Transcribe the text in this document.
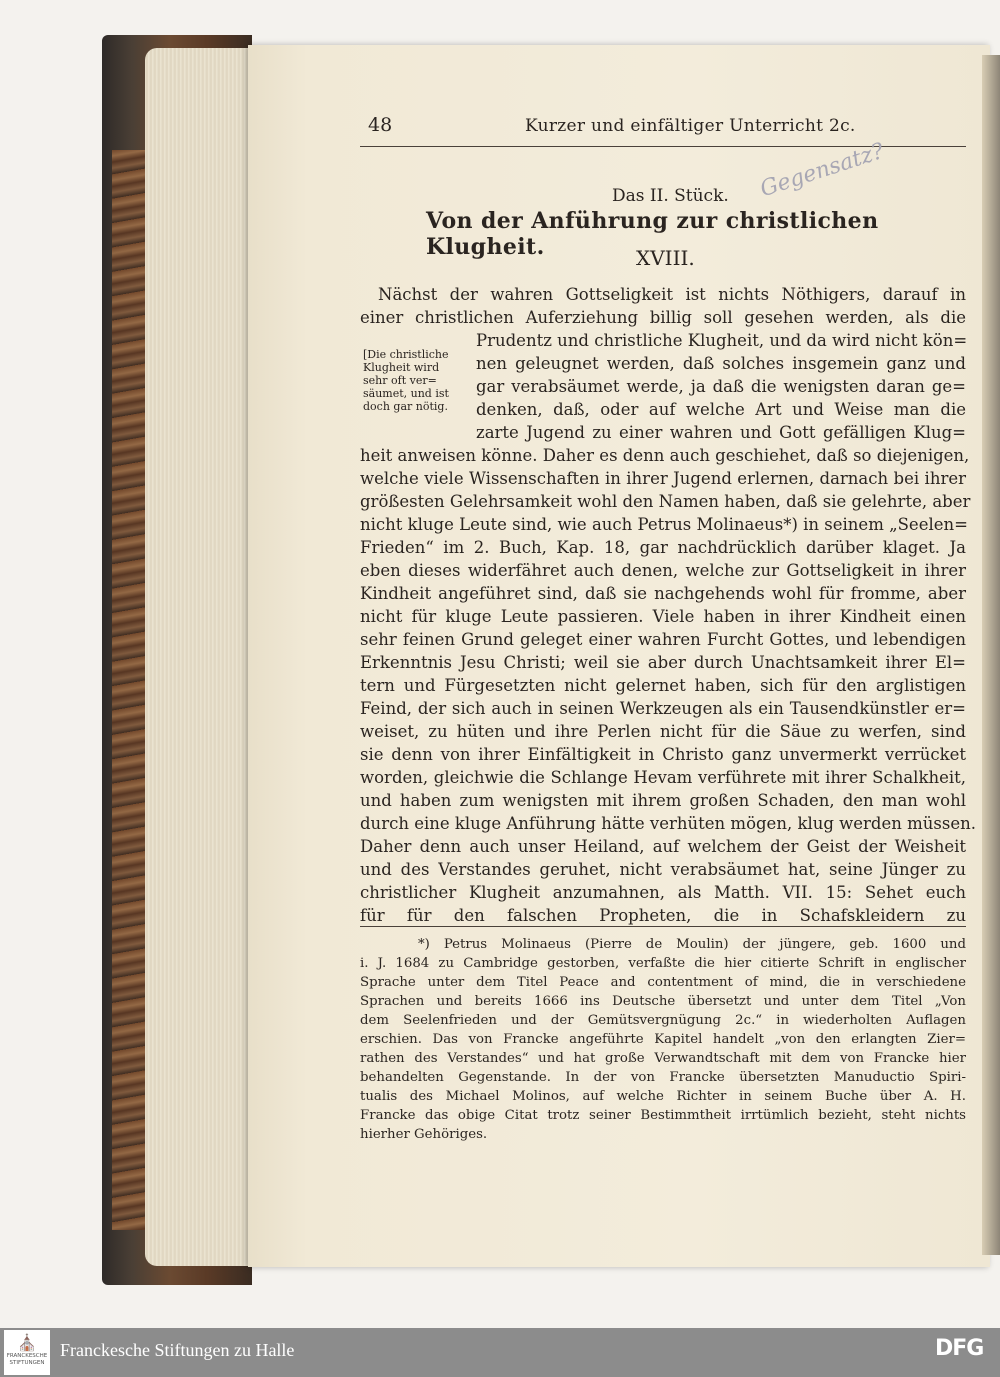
48	Kurzer und einfältiger Unterricht 2c.
Gegensatz?
Das II. Stück.
Von der Anführung zur christlichen Klugheit.	XVIII.
[Die christliche
Klugheit wird
sehr oft ver=
säumet, und ist
doch gar nötig.
Nächst der wahren Gottseligkeit ist nichts Nöthigers, darauf in
einer christlichen Auferziehung billig soll gesehen werden, als die
Prudentz und christliche Klugheit, und da wird nicht kön=
nen geleugnet werden, daß solches insgemein ganz und
gar verabsäumet werde, ja daß die wenigsten daran ge=
denken, daß, oder auf welche Art und Weise man die
zarte Jugend zu einer wahren und Gott gefälligen Klug=
heit anweisen könne. Daher es denn auch geschiehet, daß so diejenigen,
welche viele Wissenschaften in ihrer Jugend erlernen, darnach bei ihrer
größesten Gelehrsamkeit wohl den Namen haben, daß sie gelehrte, aber
nicht kluge Leute sind, wie auch Petrus Molinaeus*) in seinem „Seelen=
Frieden“ im 2. Buch, Kap. 18, gar nachdrücklich darüber klaget. Ja
eben dieses widerfähret auch denen, welche zur Gottseligkeit in ihrer
Kindheit angeführet sind, daß sie nachgehends wohl für fromme, aber
nicht für kluge Leute passieren. Viele haben in ihrer Kindheit einen
sehr feinen Grund geleget einer wahren Furcht Gottes, und lebendigen
Erkenntnis Jesu Christi; weil sie aber durch Unachtsamkeit ihrer El=
tern und Fürgesetzten nicht gelernet haben, sich für den arglistigen
Feind, der sich auch in seinen Werkzeugen als ein Tausendkünstler er=
weiset, zu hüten und ihre Perlen nicht für die Säue zu werfen, sind
sie denn von ihrer Einfältigkeit in Christo ganz unvermerkt verrücket
worden, gleichwie die Schlange Hevam verführete mit ihrer Schalkheit,
und haben zum wenigsten mit ihrem großen Schaden, den man wohl
durch eine kluge Anführung hätte verhüten mögen, klug werden müssen.
Daher denn auch unser Heiland, auf welchem der Geist der Weisheit
und des Verstandes geruhet, nicht verabsäumet hat, seine Jünger zu
christlicher Klugheit anzumahnen, als Matth. VII. 15: Sehet euch
für für den falschen Propheten, die in Schafskleidern zu
*) Petrus Molinaeus (Pierre de Moulin) der jüngere, geb. 1600 und
i. J. 1684 zu Cambridge gestorben, verfaßte die hier citierte Schrift in englischer
Sprache unter dem Titel Peace and contentment of mind, die in verschiedene
Sprachen und bereits 1666 ins Deutsche übersetzt und unter dem Titel „Von
dem Seelenfrieden und der Gemütsvergnügung 2c.“ in wiederholten Auflagen
erschien. Das von Francke angeführte Kapitel handelt „von den erlangten Zier=
rathen des Verstandes“ und hat große Verwandtschaft mit dem von Francke hier
behandelten Gegenstande. In der von Francke übersetzten Manuductio Spiri-
tualis des Michael Molinos, auf welche Richter in seinem Buche über A. H.
Francke das obige Citat trotz seiner Bestimmtheit irrtümlich bezieht, steht nichts
hierher Gehöriges.
⛪
FRANCKESCHE
STIFTUNGEN
Franckesche Stiftungen zu Halle	DFG
